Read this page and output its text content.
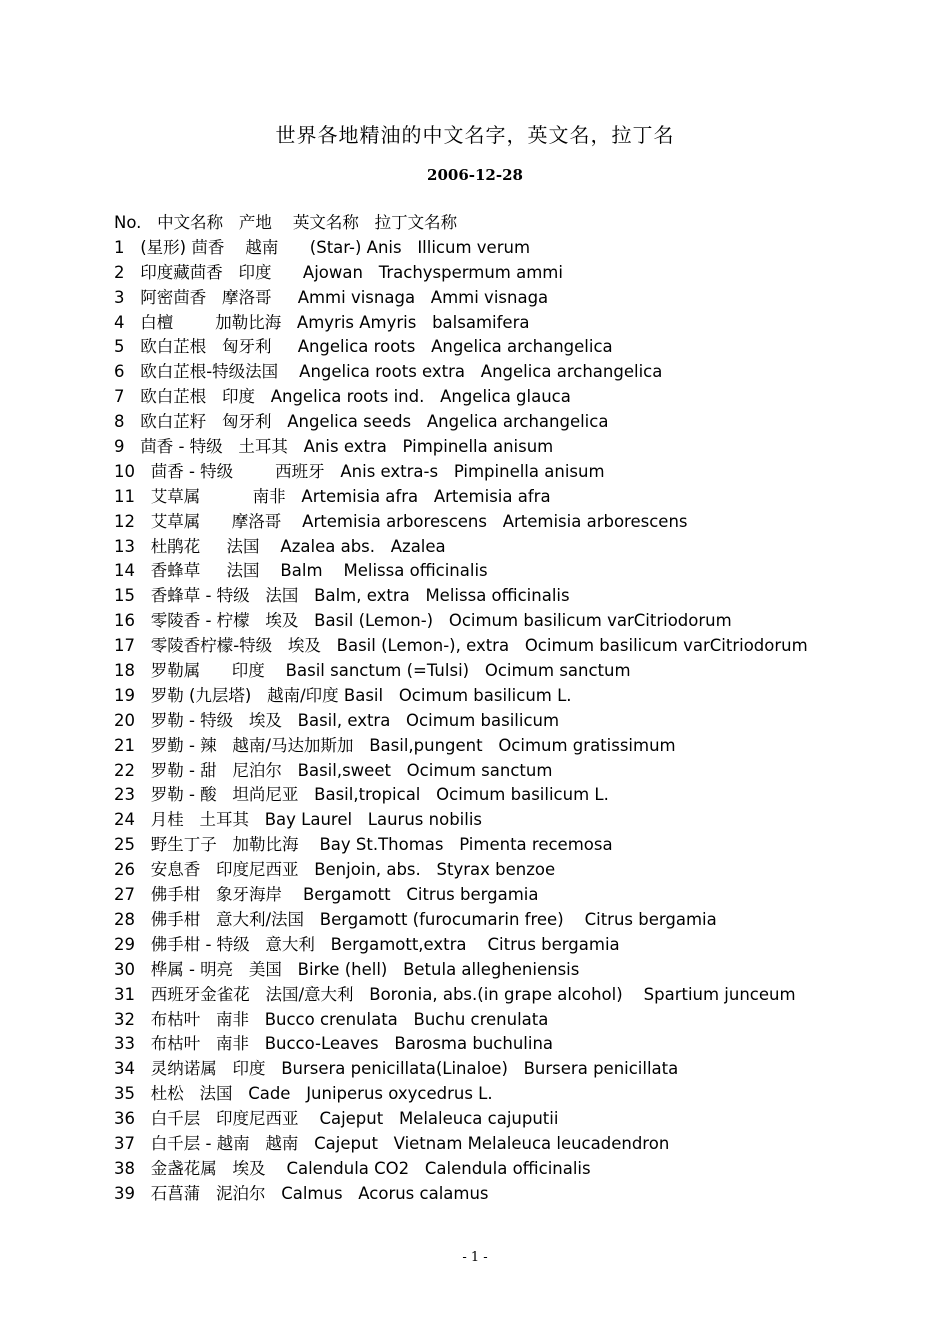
世界各地精油的中文名字，英文名，拉丁名
2006-12-28
No.   中文名称   产地    英文名称   拉丁文名称
1   (星形) 茴香    越南      (Star-) Anis   Illicum verum
2   印度藏茴香   印度      Ajowan   Trachyspermum ammi
3   阿密茴香   摩洛哥     Ammi visnaga   Ammi visnaga
4   白檀        加勒比海   Amyris Amyris   balsamifera
5   欧白芷根   匈牙利     Angelica roots   Angelica archangelica
6   欧白芷根-特级法国    Angelica roots extra   Angelica archangelica
7   欧白芷根   印度   Angelica roots ind.   Angelica glauca
8   欧白芷籽   匈牙利   Angelica seeds   Angelica archangelica
9   茴香 - 特级   土耳其   Anis extra   Pimpinella anisum
10   茴香 - 特级        西班牙   Anis extra-s   Pimpinella anisum
11   艾草属          南非   Artemisia afra   Artemisia afra
12   艾草属      摩洛哥    Artemisia arborescens   Artemisia arborescens
13   杜鹃花     法国    Azalea abs.   Azalea
14   香蜂草     法国    Balm    Melissa officinalis
15   香蜂草 - 特级   法国   Balm, extra   Melissa officinalis
16   零陵香 - 柠檬   埃及   Basil (Lemon-)   Ocimum basilicum varCitriodorum
17   零陵香柠檬-特级   埃及   Basil (Lemon-), extra   Ocimum basilicum varCitriodorum
18   罗勒属      印度    Basil sanctum (=Tulsi)   Ocimum sanctum
19   罗勒 (九层塔)   越南/印度 Basil   Ocimum basilicum L.
20   罗勒 - 特级   埃及   Basil, extra   Ocimum basilicum
21   罗勤 - 辣   越南/马达加斯加   Basil,pungent   Ocimum gratissimum
22   罗勒 - 甜   尼泊尔   Basil,sweet   Ocimum sanctum
23   罗勒 - 酸   坦尚尼亚   Basil,tropical   Ocimum basilicum L.
24   月桂   土耳其   Bay Laurel   Laurus nobilis
25   野生丁子   加勒比海    Bay St.Thomas   Pimenta recemosa
26   安息香   印度尼西亚   Benjoin, abs.   Styrax benzoe
27   佛手柑   象牙海岸    Bergamott   Citrus bergamia
28   佛手柑   意大利/法国   Bergamott (furocumarin free)    Citrus bergamia
29   佛手柑 - 特级   意大利   Bergamott,extra    Citrus bergamia
30   桦属 - 明亮   美国   Birke (hell)   Betula allegheniensis
31   西班牙金雀花   法国/意大利   Boronia, abs.(in grape alcohol)    Spartium junceum
32   布枯叶   南非   Bucco crenulata   Buchu crenulata
33   布枯叶   南非   Bucco-Leaves   Barosma buchulina
34   灵纳诺属   印度   Bursera penicillata(Linaloe)   Bursera penicillata
35   杜松   法国   Cade   Juniperus oxycedrus L.
36   白千层   印度尼西亚    Cajeput   Melaleuca cajuputii
37   白千层 - 越南   越南   Cajeput   Vietnam Melaleuca leucadendron
38   金盏花属   埃及    Calendula CO2   Calendula officinalis
39   石菖蒲   泥泊尔   Calmus   Acorus calamus
- 1 -
